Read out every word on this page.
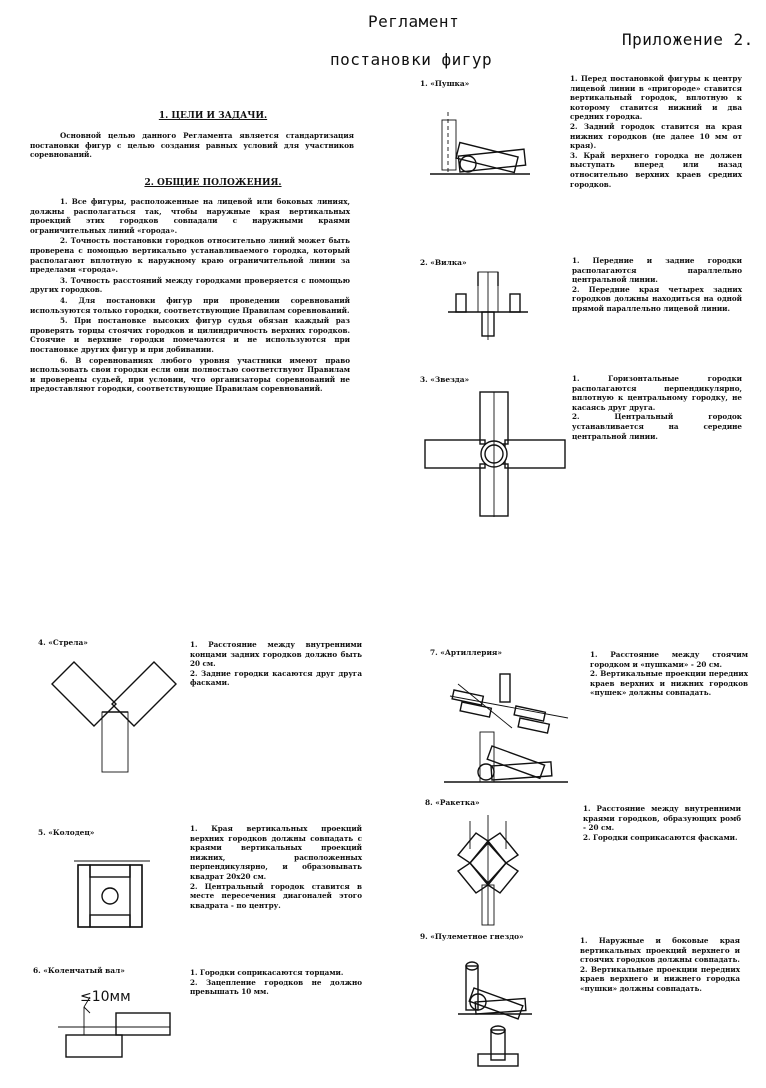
Регламент
постановки фигур
Приложение 2.
1. ЦЕЛИ И ЗАДАЧИ.
Основной целью данного Регламента является стандартизация постановки фигур с целью создания равных условий для участников соревнований.
2. ОБЩИЕ ПОЛОЖЕНИЯ.
1. Все фигуры, расположенные на лицевой или боковых линиях, должны располагаться так, чтобы наружные края вертикальных проекций этих городков совпадали с наружными краями ограничительных линий «города».
2. Точность постановки городков относительно линий может быть проверена с помощью вертикально устанавливаемого городка, который располагают вплотную к наружному краю ограничительной линии за пределами «города».
3. Точность расстояний между городками проверяется с помощью других городков.
4. Для постановки фигур при проведении соревнований используются только городки, соответствующие Правилам соревнований.
5. При постановке высоких фигур судья обязан каждый раз проверять торцы стоячих городков и цилиндричность верхних городков. Стоячие и верхние городки помечаются и не используются при постановке других фигур и при добивании.
6. В соревнованиях любого уровня участники имеют право использовать свои городки если они полностью соответствуют Правилам и проверены судьей, при условии, что организаторы соревнований не предоставляют городки, соответствующие Правилам соревнований.
1. «Пушка»

1. Перед постановкой фигуры к центру лицевой линии в «пригороде» ставится вертикальный городок, вплотную к которому ставится нижний и два средних городка.

2. Задний городок ставится на края нижних городков (не далее 10 мм от края).

3. Край верхнего городка не должен выступать вперед или назад относительно верхних краев средних городков.

2. «Вилка»	1. Передние и задние городки располагаются параллельно центральной линии.

2. Передние края четырех задних городков должны находиться на одной прямой параллельно лицевой линии.

3. «Звезда»	1. Горизонтальные городки располагаются перпендикулярно, вплотную к центральному городку, не касаясь друг друга.

2. Центральный городок устанавливается на середине центральной линии.

4. «Стрела»	1. Расстояние между внутренними концами задних городков должно быть 20 см.

2. Задние городки касаются друг друга фасками.

5. «Колодец»	1. Края вертикальных проекций верхних городков должны совпадать с краями вертикальных проекций нижних, расположенных перпендикулярно, и образовывать квадрат 20х20 см.

2. Центральный городок ставится в месте пересечения диагоналей этого квадрата - по центру.

6. «Коленчатый вал»
≤10мм

1. Городки соприкасаются торцами.

2. Зацепление городков не должно превышать 10 мм.

7. «Артиллерия»	1. Расстояние между стоячим городком и «пушками» - 20 см.

2. Вертикальные проекции передних краев верхних и нижних городков «пушек» должны совпадать.

8. «Ракетка»

1. Расстояние между внутренними краями городков, образующих ромб - 20 см.

2. Городки соприкасаются фасками.

9. «Пулеметное гнездо»	1. Наружные и боковые края вертикальных проекций верхнего и стоячих городков должны совпадать.

2. Вертикальные проекции передних краев верхнего и нижнего городка «пушки» должны совпадать.
